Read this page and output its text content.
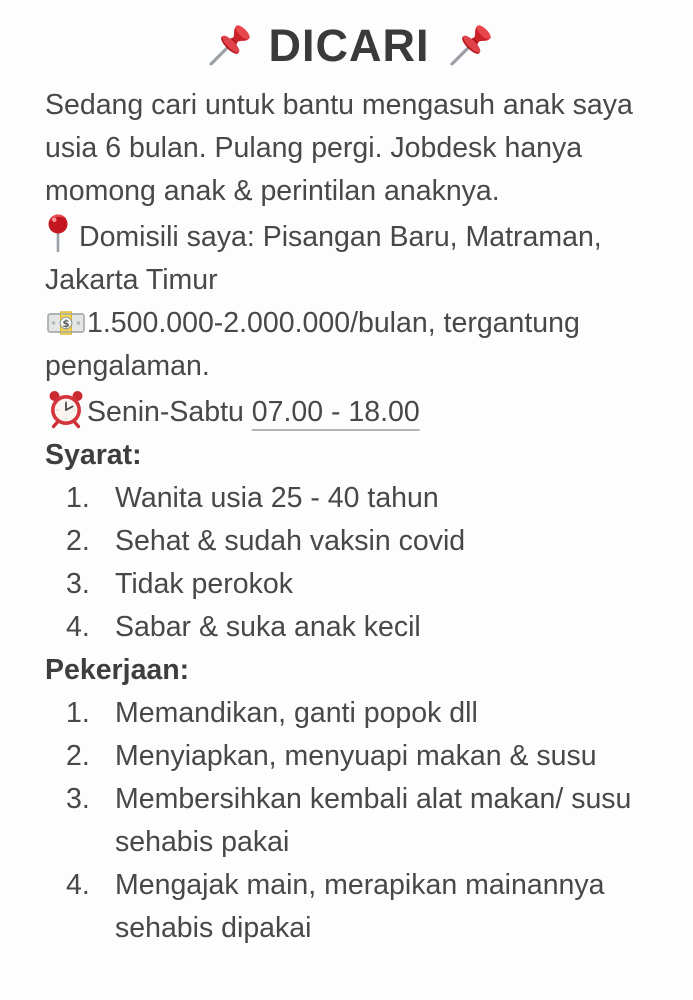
DICARI

Sedang cari untuk bantu mengasuh anak saya usia 6 bulan. Pulang pergi. Jobdesk hanya momong anak & perintilan anaknya.

Domisili saya: Pisangan Baru, Matraman, Jakarta Timur

$ 1.500.000-2.000.000/bulan, tergantung pengalaman.

Senin-Sabtu 07.00 - 18.00

Syarat:

Wanita usia 25 - 40 tahun
Sehat & sudah vaksin covid
Tidak perokok
Sabar & suka anak kecil

Pekerjaan:

Memandikan, ganti popok dll
Menyiapkan, menyuapi makan & susu
Membersihkan kembali alat makan/ susu sehabis pakai
Mengajak main, merapikan mainannya sehabis dipakai
